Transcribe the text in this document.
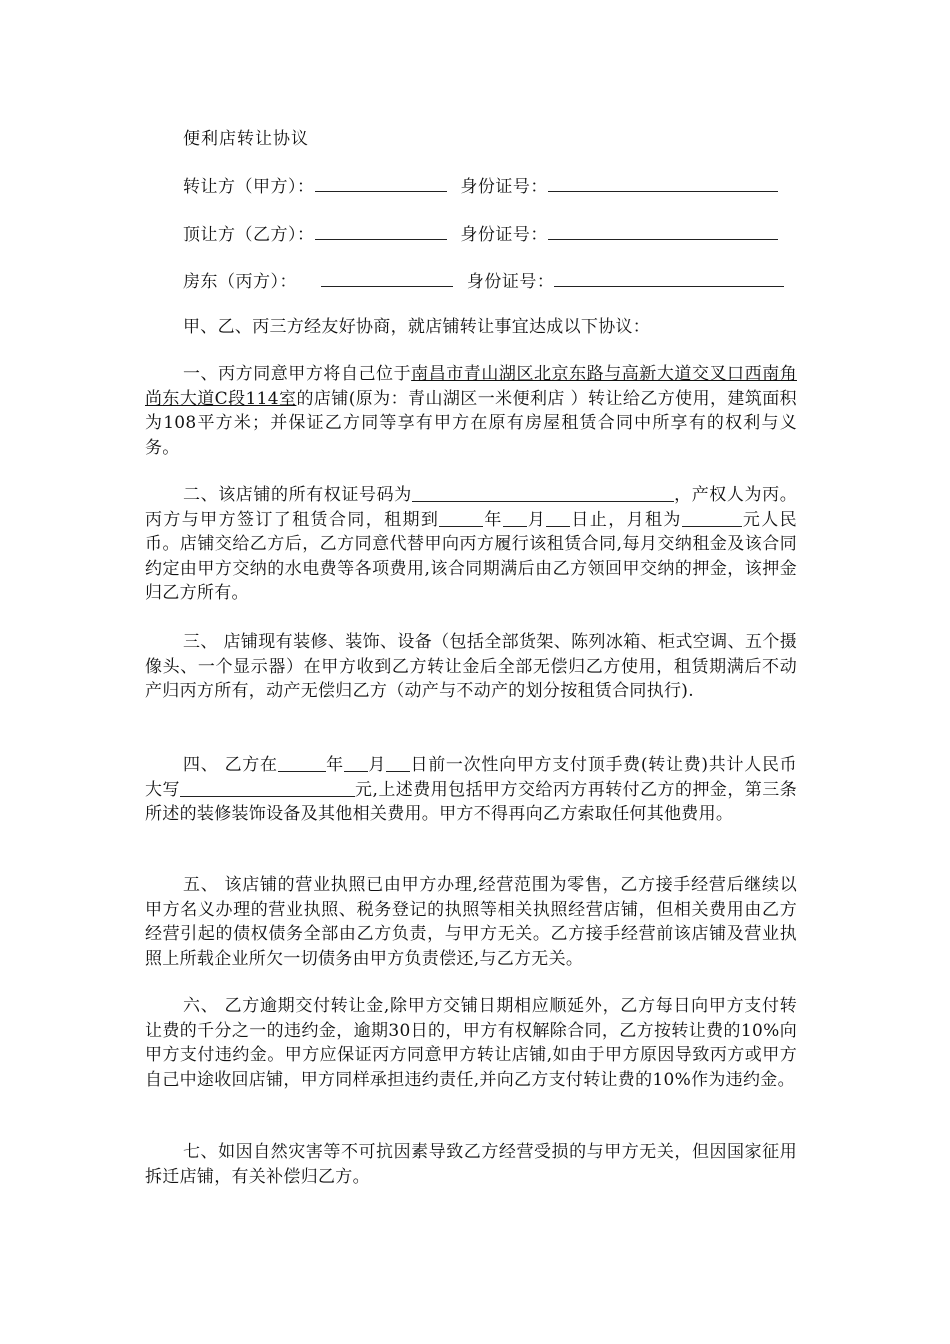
便利店转让协议
转让方（甲方）：	身份证号：
顶让方（乙方）：	身份证号：
房东（丙方）：	身份证号：
甲、乙、丙三方经友好协商，就店铺转让事宜达成以下协议：
一、丙方同意甲方将自己位于南昌市青山湖区北京东路与高新大道交叉口西南角尚东大道C段114室的店铺(原为：青山湖区一米便利店 ）转让给乙方使用，建筑面积为108平方米；并保证乙方同等享有甲方在原有房屋租赁合同中所享有的权利与义务。
二、该店铺的所有权证号码为	，产权人为丙。丙方与甲方签订了租赁合同，租期到	年 月 日止，月租为	元人民币。店铺交给乙方后，乙方同意代替甲向丙方履行该租赁合同,每月交纳租金及该合同约定由甲方交纳的水电费等各项费用,该合同期满后由乙方领回甲交纳的押金，该押金归乙方所有。
三、 店铺现有装修、装饰、设备（包括全部货架、陈列冰箱、柜式空调、五个摄像头、一个显示器）在甲方收到乙方转让金后全部无偿归乙方使用，租赁期满后不动产归丙方所有，动产无偿归乙方（动产与不动产的划分按租赁合同执行).
四、 乙方在	年 月 日前一次性向甲方支付顶手费(转让费)共计人民币大写	元,上述费用包括甲方交给丙方再转付乙方的押金，第三条所述的装修装饰设备及其他相关费用。甲方不得再向乙方索取任何其他费用。
五、 该店铺的营业执照已由甲方办理,经营范围为零售，乙方接手经营后继续以甲方名义办理的营业执照、税务登记的执照等相关执照经营店铺，但相关费用由乙方经营引起的债权债务全部由乙方负责，与甲方无关。乙方接手经营前该店铺及营业执照上所载企业所欠一切债务由甲方负责偿还,与乙方无关。
六、 乙方逾期交付转让金,除甲方交铺日期相应顺延外，乙方每日向甲方支付转让费的千分之一的违约金，逾期30日的，甲方有权解除合同，乙方按转让费的10%向甲方支付违约金。甲方应保证丙方同意甲方转让店铺,如由于甲方原因导致丙方或甲方自己中途收回店铺，甲方同样承担违约责任,并向乙方支付转让费的10%作为违约金。
七、如因自然灾害等不可抗因素导致乙方经营受损的与甲方无关，但因国家征用拆迁店铺，有关补偿归乙方。
